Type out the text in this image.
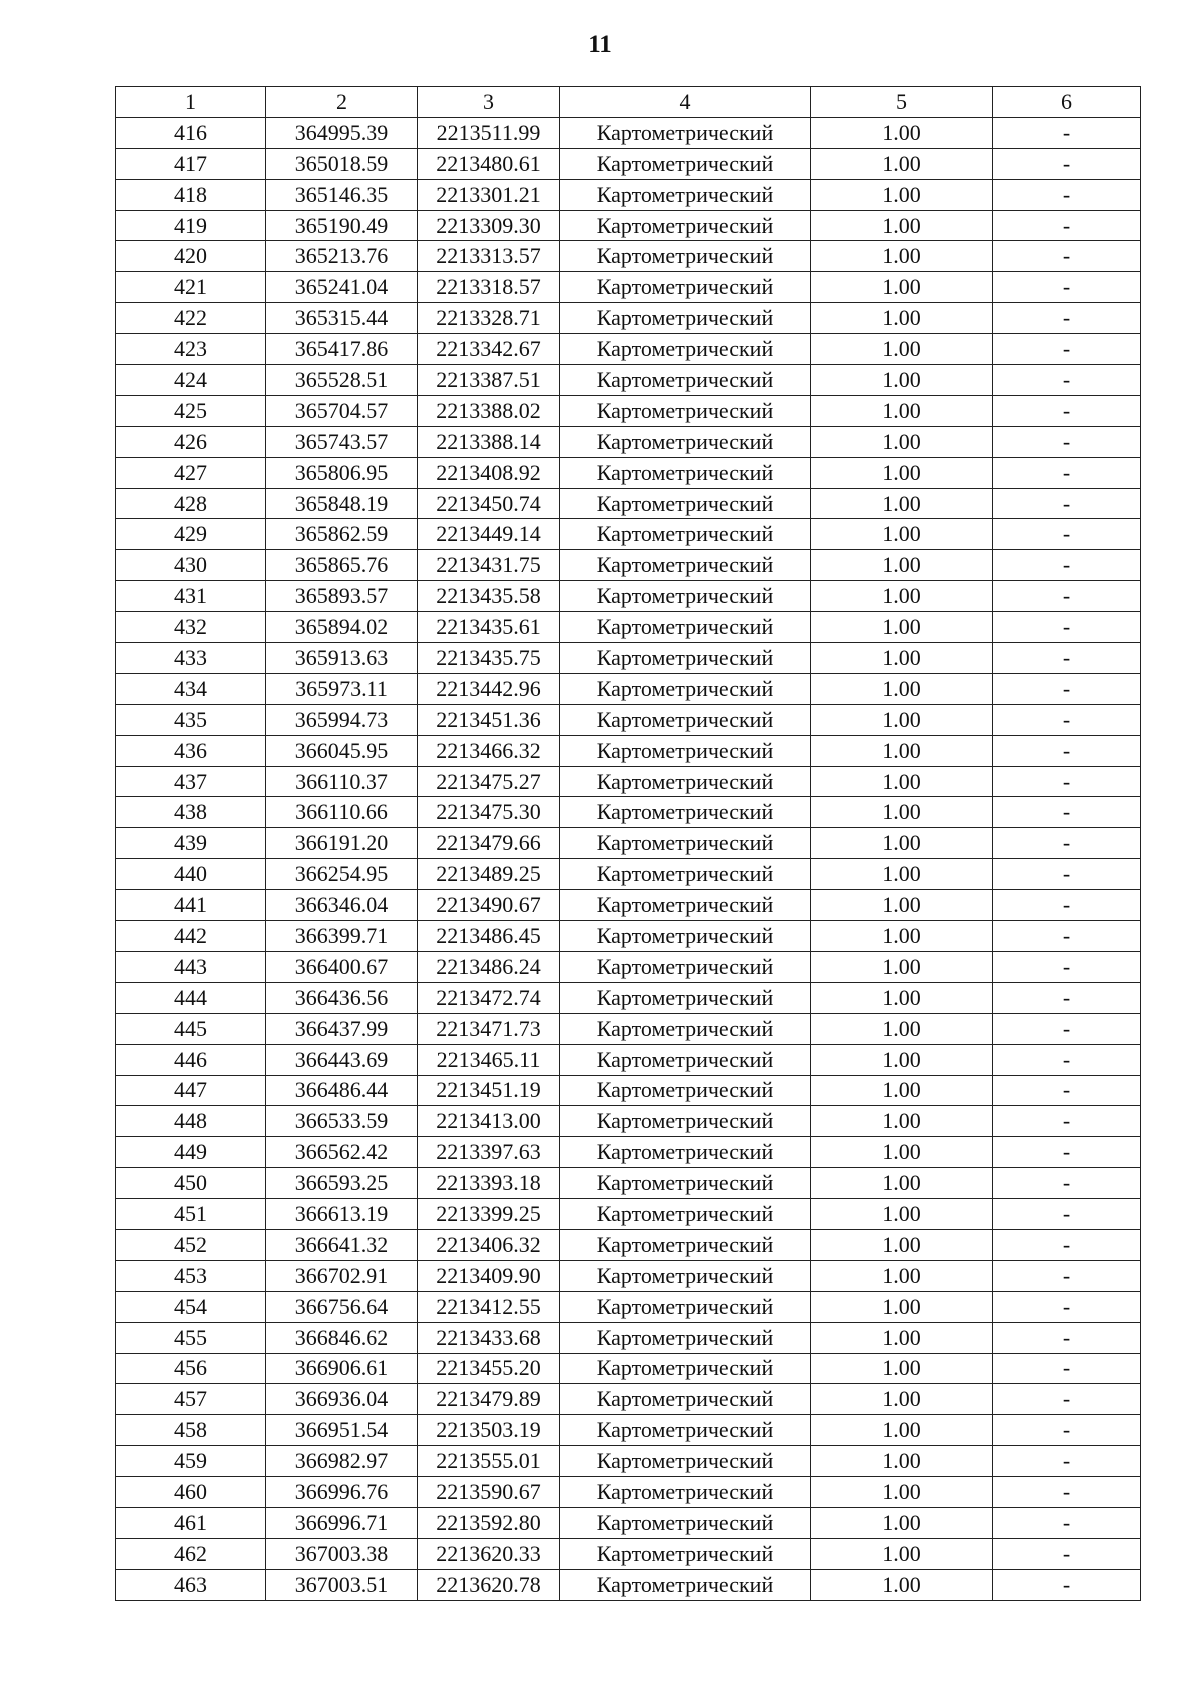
11
1	2	3	4	5	6
416	364995.39	2213511.99	Картометрический	1.00	-
417	365018.59	2213480.61	Картометрический	1.00	-
418	365146.35	2213301.21	Картометрический	1.00	-
419	365190.49	2213309.30	Картометрический	1.00	-
420	365213.76	2213313.57	Картометрический	1.00	-
421	365241.04	2213318.57	Картометрический	1.00	-
422	365315.44	2213328.71	Картометрический	1.00	-
423	365417.86	2213342.67	Картометрический	1.00	-
424	365528.51	2213387.51	Картометрический	1.00	-
425	365704.57	2213388.02	Картометрический	1.00	-
426	365743.57	2213388.14	Картометрический	1.00	-
427	365806.95	2213408.92	Картометрический	1.00	-
428	365848.19	2213450.74	Картометрический	1.00	-
429	365862.59	2213449.14	Картометрический	1.00	-
430	365865.76	2213431.75	Картометрический	1.00	-
431	365893.57	2213435.58	Картометрический	1.00	-
432	365894.02	2213435.61	Картометрический	1.00	-
433	365913.63	2213435.75	Картометрический	1.00	-
434	365973.11	2213442.96	Картометрический	1.00	-
435	365994.73	2213451.36	Картометрический	1.00	-
436	366045.95	2213466.32	Картометрический	1.00	-
437	366110.37	2213475.27	Картометрический	1.00	-
438	366110.66	2213475.30	Картометрический	1.00	-
439	366191.20	2213479.66	Картометрический	1.00	-
440	366254.95	2213489.25	Картометрический	1.00	-
441	366346.04	2213490.67	Картометрический	1.00	-
442	366399.71	2213486.45	Картометрический	1.00	-
443	366400.67	2213486.24	Картометрический	1.00	-
444	366436.56	2213472.74	Картометрический	1.00	-
445	366437.99	2213471.73	Картометрический	1.00	-
446	366443.69	2213465.11	Картометрический	1.00	-
447	366486.44	2213451.19	Картометрический	1.00	-
448	366533.59	2213413.00	Картометрический	1.00	-
449	366562.42	2213397.63	Картометрический	1.00	-
450	366593.25	2213393.18	Картометрический	1.00	-
451	366613.19	2213399.25	Картометрический	1.00	-
452	366641.32	2213406.32	Картометрический	1.00	-
453	366702.91	2213409.90	Картометрический	1.00	-
454	366756.64	2213412.55	Картометрический	1.00	-
455	366846.62	2213433.68	Картометрический	1.00	-
456	366906.61	2213455.20	Картометрический	1.00	-
457	366936.04	2213479.89	Картометрический	1.00	-
458	366951.54	2213503.19	Картометрический	1.00	-
459	366982.97	2213555.01	Картометрический	1.00	-
460	366996.76	2213590.67	Картометрический	1.00	-
461	366996.71	2213592.80	Картометрический	1.00	-
462	367003.38	2213620.33	Картометрический	1.00	-
463	367003.51	2213620.78	Картометрический	1.00	-
